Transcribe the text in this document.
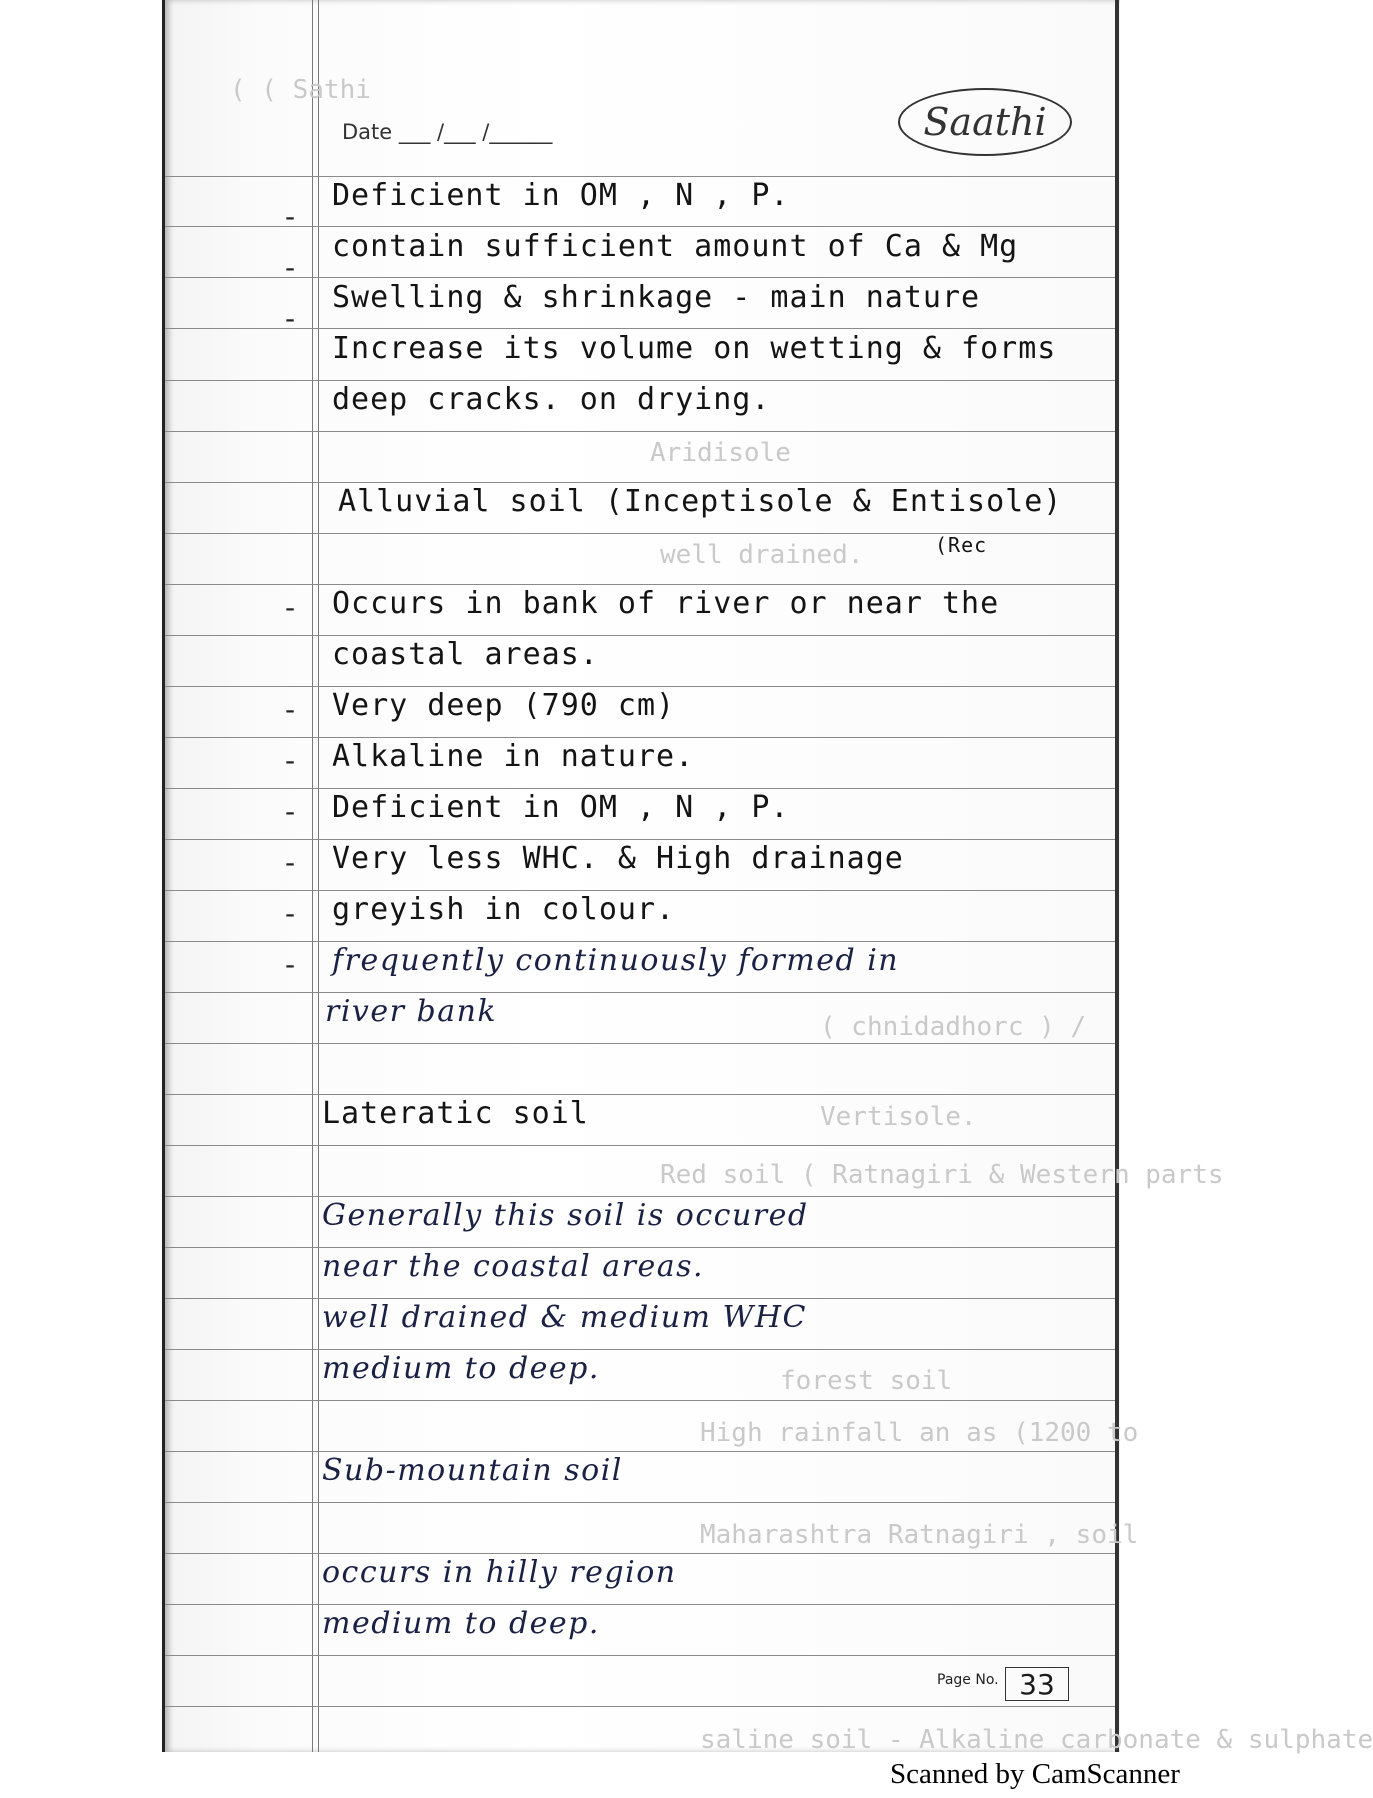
( ( Sathi
Aridisole
well drained.
( chnidadhorc ) /
Vertisole.
Red soil ( Ratnagiri & Western parts
forest soil
High rainfall an as (1200 to
Maharashtra Ratnagiri , soil
saline soil - Alkaline carbonate & sulphate
Saathi
Date ___ /___ /______
-
-
-
Deficient in OM , N , P.
contain sufficient amount of Ca & Mg
Swelling & shrinkage - main nature
Increase its volume on wetting & forms
deep cracks. on drying.
Alluvial soil (Inceptisole & Entisole)
(Rec
-
-
-
-
-
-
-
Occurs in bank of river or near the
coastal areas.
Very deep (790 cm)
Alkaline in nature.
Deficient in OM , N , P.
Very less WHC. & High drainage
greyish in colour.
frequently continuously formed in
river bank
Lateratic soil
Generally this soil is occured
near the coastal areas.
well drained & medium WHC
medium to deep.
Sub-mountain soil
occurs in hilly region
medium to deep.
Page No. 33
Scanned by CamScanner
